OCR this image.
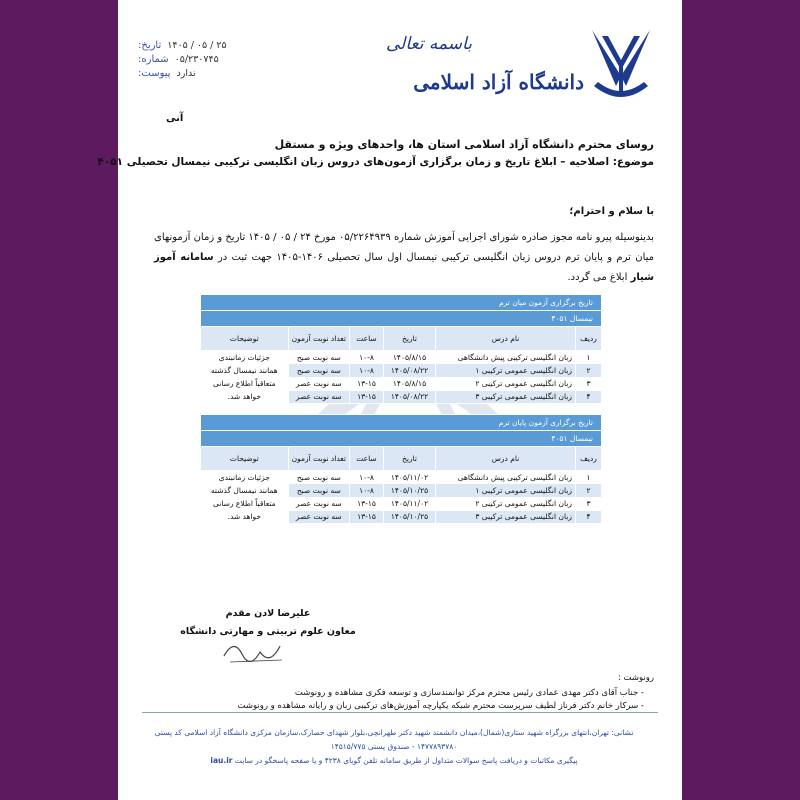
دانشگاه آزاد اسلامی
باسمه تعالی
۱۴۰۵ / ۰۵ / ۲۵
تاریخ:
۰۵/۲۳۰۷۴۵
شماره:
ندارد
پیوست:
آنی
روسای محترم دانشگاه آزاد اسلامی استان ها، واحدهای ویژه و مستقل
موضوع: اصلاحیه – ابلاغ تاریخ و زمان برگزاری آزمون‌های دروس زبان انگلیسی ترکیبی نیمسال تحصیلی ۴۰۵۱
با سلام و احترام؛
بدینوسیله پیرو نامه مجوز صادره شورای اجرایی آموزش شماره ۰۵/۲۲۶۴۹۳۹ مورخ ۲۴ / ۰۵ / ۱۴۰۵ تاریخ و زمان آزمونهای میان ترم و پایان ترم دروس زبان انگلیسی ترکیبی نیمسال اول سال تحصیلی ۱۴۰۶-۱۴۰۵ جهت ثبت در سامانه آموز شیار ابلاغ می گردد.
تاریخ برگزاری آزمون میان ترم					
نیمسال ۴۰۵۱					
ردیف	نام درس	تاریخ	ساعت	تعداد نوبت آزمون	توضیحات
۱	زبان انگلیسی ترکیبی پیش دانشگاهی	۱۴۰۵/۸/۱۵	۱۰-۸	سه نوبت صبح	جزئیات زمانبندی
همانند نیمسال گذشته
متعاقباً اطلاع رسانی خواهد شد.

۲	زبان انگلیسی عمومی ترکیبی ۱	۱۴۰۵/۰۸/۲۲	۱۰-۸	سه نوبت صبح	
۳	زبان انگلیسی عمومی ترکیبی ۲	۱۴۰۵/۸/۱۵	۱۳-۱۵	سه نوبت عصر	
۴	زبان انگلیسی عمومی ترکیبی ۳	۱۴۰۵/۰۸/۲۲	۱۳-۱۵	سه نوبت عصر	
تاریخ برگزاری آزمون پایان ترم					
نیمسال ۴۰۵۱					
ردیف	نام درس	تاریخ	ساعت	تعداد نوبت آزمون	توضیحات
۱	زبان انگلیسی ترکیبی پیش دانشگاهی	۱۴۰۵/۱۱/۰۲	۱۰-۸	سه نوبت صبح	جزئیات زمانبندی
همانند نیمسال گذشته
متعاقباً اطلاع رسانی خواهد شد.

۲	زبان انگلیسی عمومی ترکیبی ۱	۱۴۰۵/۱۰/۲۵	۱۰-۸	سه نوبت صبح	
۳	زبان انگلیسی عمومی ترکیبی ۲	۱۴۰۵/۱۱/۰۲	۱۳-۱۵	سه نوبت عصر	
۴	زبان انگلیسی عمومی ترکیبی ۳	۱۴۰۵/۱۰/۲۵	۱۳-۱۵	سه نوبت عصر	
علیرضا لادن مقدم
معاون علوم تربیتی و مهارتی دانشگاه
رونوشت :
- جناب آقای دکتر مهدی عمادی رئیس محترم مرکز توانمندسازی و توسعه فکری مشاهده و رونوشت
- سرکار خانم دکتر فرناز لطیف سرپرست محترم شبکه یکپارچه آموزش‌های ترکیبی زبان و رایانه مشاهده و رونوشت
نشانی: تهران،انتهای بزرگراه شهید ستاری(شمال)،میدان دانشمند شهید دکتر طهرانچی،بلوار شهدای حصارک،سازمان مرکزی دانشگاه آزاد اسلامی کد پستی ۱۴۷۷۸۹۳۷۸۰ - صندوق پستی ۱۴۵۱۵/۷۷۵
پیگیری مکاتبات و دریافت پاسخ سوالات متداول از طریق سامانه تلفن گویای ۴۲۳۸ و یا صفحه پاسخگو در سایت iau.ir
